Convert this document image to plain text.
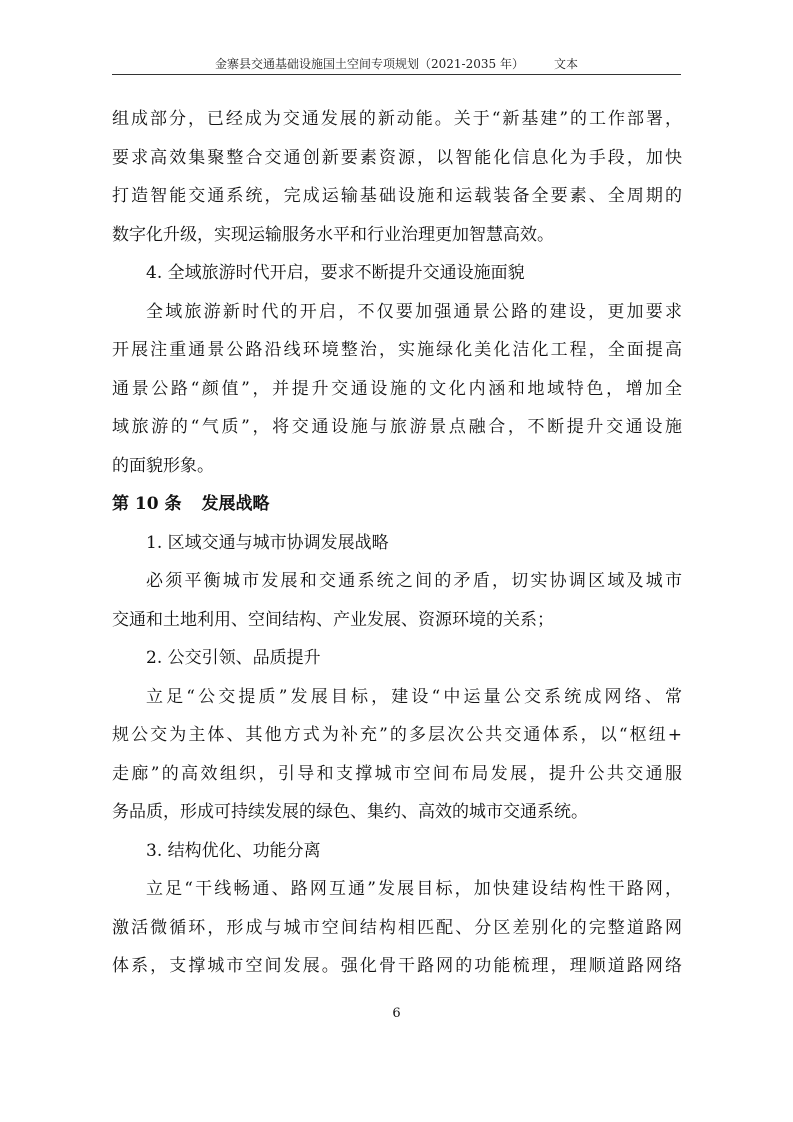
金寨县交通基础设施国土空间专项规划（2021-2035 年）	文本

组成部分，已经成为交通发展的新动能。关于“新基建”的工作部署，

要求高效集聚整合交通创新要素资源，以智能化信息化为手段，加快

打造智能交通系统，完成运输基础设施和运载装备全要素、全周期的

数字化升级，实现运输服务水平和行业治理更加智慧高效。

4. 全域旅游时代开启，要求不断提升交通设施面貌

全域旅游新时代的开启，不仅要加强通景公路的建设，更加要求

开展注重通景公路沿线环境整治，实施绿化美化洁化工程，全面提高

通景公路“颜值”，并提升交通设施的文化内涵和地域特色，增加全

域旅游的“气质”，将交通设施与旅游景点融合，不断提升交通设施

的面貌形象。

第 10 条 发展战略

1. 区域交通与城市协调发展战略

必须平衡城市发展和交通系统之间的矛盾，切实协调区域及城市

交通和土地利用、空间结构、产业发展、资源环境的关系；

2. 公交引领、品质提升

立足“公交提质”发展目标，建设“中运量公交系统成网络、常

规公交为主体、其他方式为补充”的多层次公共交通体系，以“枢纽+

走廊”的高效组织，引导和支撑城市空间布局发展，提升公共交通服

务品质，形成可持续发展的绿色、集约、高效的城市交通系统。

3. 结构优化、功能分离

立足“干线畅通、路网互通”发展目标，加快建设结构性干路网，

激活微循环，形成与城市空间结构相匹配、分区差别化的完整道路网

体系，支撑城市空间发展。强化骨干路网的功能梳理，理顺道路网络

6
